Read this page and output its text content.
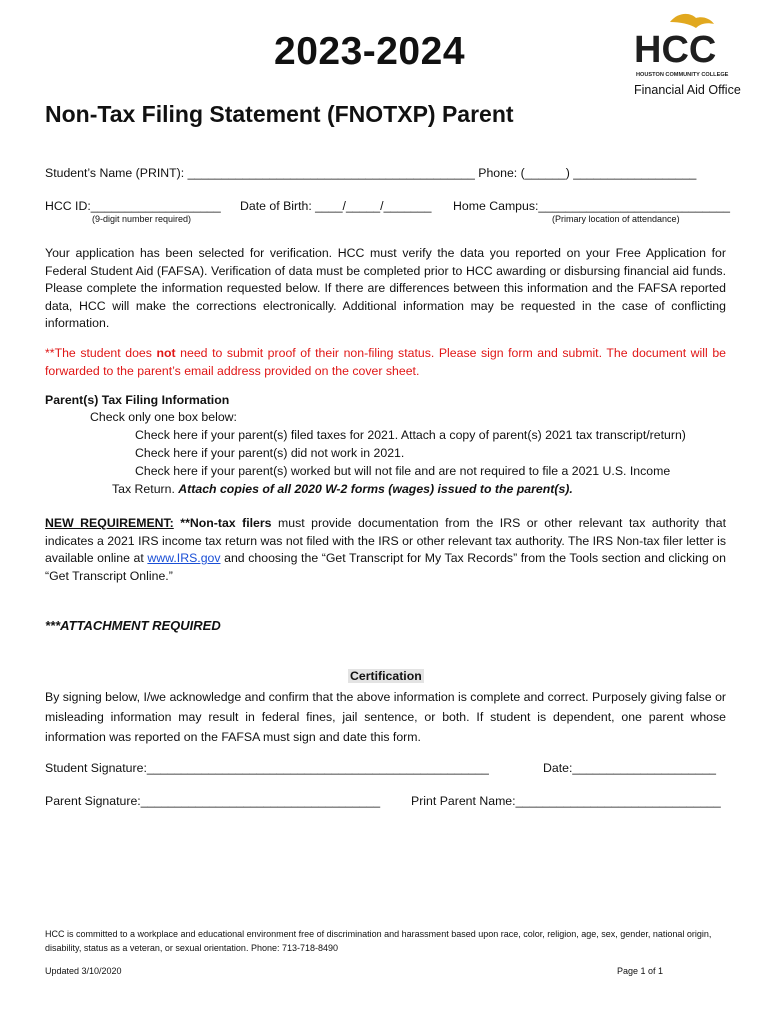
2023-2024	HCC
HOUSTON COMMUNITY COLLEGE
Financial Aid Office
Non-Tax Filing Statement (FNOTXP) Parent
Student’s Name (PRINT): __________________________________________ Phone: (______) __________________
HCC ID:___________________ Date of Birth: ____/_____/_______ Home Campus:____________________________
(9-digit number required)	(Primary location of attendance)
Your application has been selected for verification. HCC must verify the data you reported on your Free Application for Federal Student Aid (FAFSA). Verification of data must be completed prior to HCC awarding or disbursing financial aid funds. Please complete the information requested below. If there are differences between this information and the FAFSA reported data, HCC will make the corrections electronically. Additional information may be requested in the case of conflicting information.
**The student does not need to submit proof of their non-filing status. Please sign form and submit. The document will be forwarded to the parent’s email address provided on the cover sheet.
Parent(s) Tax Filing Information
Check only one box below:
Check here if your parent(s) filed taxes for 2021. Attach a copy of parent(s) 2021 tax transcript/return)
Check here if your parent(s) did not work in 2021.
Check here if your parent(s) worked but will not file and are not required to file a 2021 U.S. Income
Tax Return. Attach copies of all 2020 W-2 forms (wages) issued to the parent(s).
NEW REQUIREMENT: **Non-tax filers must provide documentation from the IRS or other relevant tax authority that indicates a 2021 IRS income tax return was not filed with the IRS or other relevant tax authority. The IRS Non-tax filer letter is available online at www.IRS.gov and choosing the “Get Transcript for My Tax Records” from the Tools section and clicking on “Get Transcript Online.”
***ATTACHMENT REQUIRED
Certification
By signing below, I/we acknowledge and confirm that the above information is complete and correct. Purposely giving false or misleading information may result in federal fines, jail sentence, or both. If student is dependent, one parent whose information was reported on the FAFSA must sign and date this form.
Student Signature:__________________________________________________	Date:_____________________
Parent Signature:___________________________________	Print Parent Name:______________________________
HCC is committed to a workplace and educational environment free of discrimination and harassment based upon race, color, religion, age, sex, gender, national origin, disability, status as a veteran, or sexual orientation. Phone: 713-718-8490
Updated 3/10/2020	Page 1 of 1
